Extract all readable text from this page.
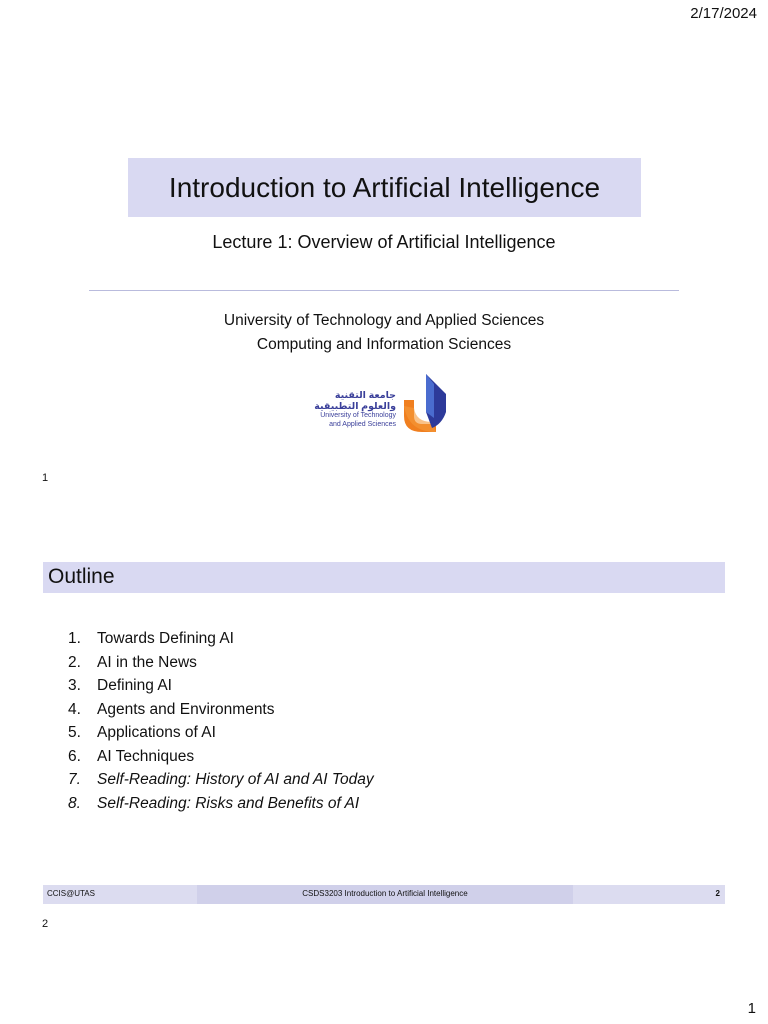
2/17/2024
Introduction to Artificial Intelligence
Lecture 1: Overview of Artificial Intelligence
University of Technology and Applied Sciences
Computing and Information Sciences
جامعة التقنية
والعلوم التطبيقية
University of Technology
and Applied Sciences
1
Outline
1.	Towards Defining AI
2.	AI in the News
3.	Defining AI
4.	Agents and Environments
5.	Applications of AI
6.	AI Techniques
7.	Self-Reading: History of AI and AI Today
8.	Self-Reading: Risks and Benefits of AI
CCIS@UTAS	CSDS3203 Introduction to Artificial Intelligence	2
2
1
